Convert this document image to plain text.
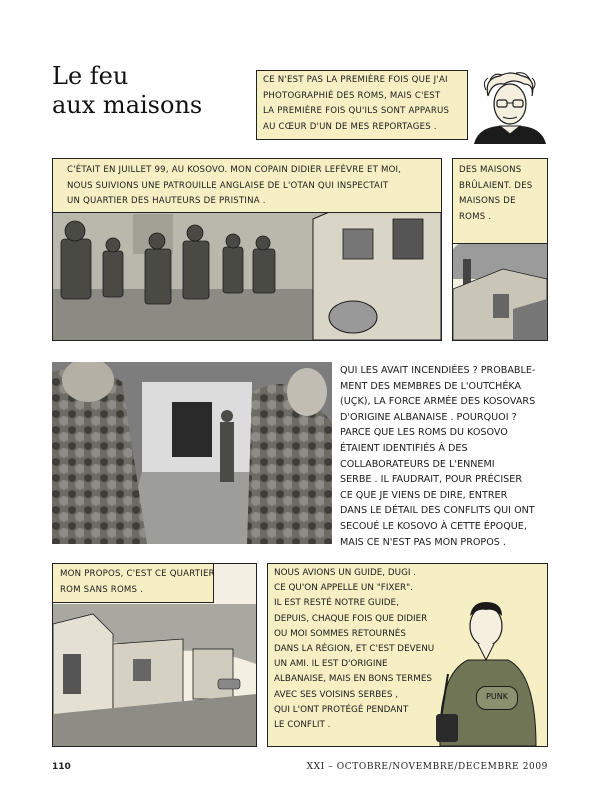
Le feu
aux maisons
CE N'EST PAS LA PREMIÈRE FOIS QUE J'AI
PHOTOGRAPHIÉ DES ROMS, MAIS C'EST
LA PREMIÈRE FOIS QU'ILS SONT APPARUS
AU CŒUR D'UN DE MES REPORTAGES .
C'ÉTAIT EN JUILLET 99, AU KOSOVO. MON COPAIN DIDIER LEFÈVRE ET MOI,
NOUS SUIVIONS UNE PATROUILLE ANGLAISE DE L'OTAN QUI INSPECTAIT
UN QUARTIER DES HAUTEURS DE PRISTINA .
DES MAISONS
BRÛLAIENT. DES
MAISONS DE
ROMS .
QUI LES AVAIT INCENDIÉES ? PROBABLE-
MENT DES MEMBRES DE L'OUTCHÉKA
(UÇK), LA FORCE ARMÉE DES KOSOVARS
D'ORIGINE ALBANAISE . POURQUOI ?
PARCE QUE LES ROMS DU KOSOVO
ÉTAIENT IDENTIFIÉS À DES
COLLABORATEURS DE L'ENNEMI
SERBE . IL FAUDRAIT, POUR PRÉCISER
CE QUE JE VIENS DE DIRE, ENTRER
DANS LE DÉTAIL DES CONFLITS QUI ONT
SECOUÉ LE KOSOVO À CETTE ÉPOQUE,
MAIS CE N'EST PAS MON PROPOS .
MON PROPOS, C'EST CE QUARTIER
ROM SANS ROMS .
PUNK
NOUS AVIONS UN GUIDE, DUGI .
CE QU'ON APPELLE UN "FIXER".
IL EST RESTÉ NOTRE GUIDE,
DEPUIS, CHAQUE FOIS QUE DIDIER
OU MOI SOMMES RETOURNÉS
DANS LA RÉGION, ET C'EST DEVENU
UN AMI. IL EST D'ORIGINE
ALBANAISE, MAIS EN BONS TERMES
AVEC SES VOISINS SERBES ,
QUI L'ONT PROTÉGÉ PENDANT
LE CONFLIT .
110	XXI – OCTOBRE/NOVEMBRE/DECEMBRE 2009
